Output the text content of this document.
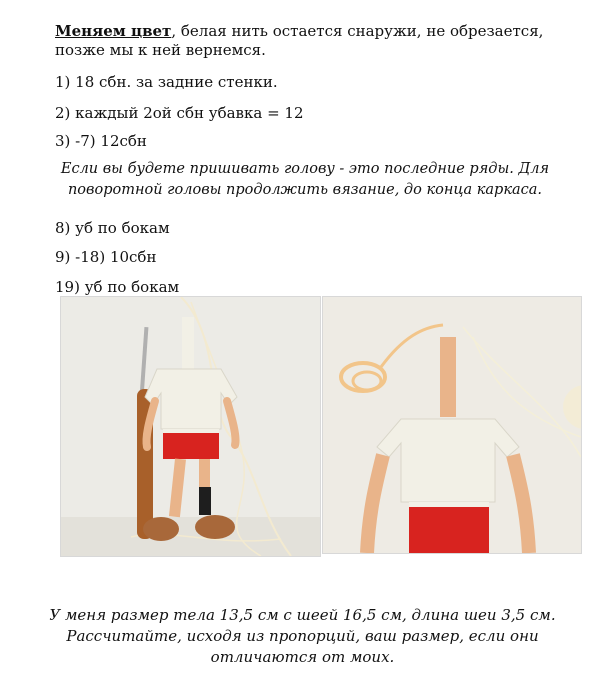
Меняем цвет, белая нить остается снаружи, не обрезается, позже мы к ней вернемся.
1) 18 сбн. за задние стенки.
2) каждый 2ой сбн убавка = 12
3) -7) 12сбн
Если вы будете пришивать голову - это последние ряды. Для поворотной головы продолжить вязание, до конца каркаса.
8) уб по бокам
9) -18) 10сбн
19) уб по бокам
У меня размер тела 13,5 см с шеей 16,5 см, длина шеи 3,5 см. Рассчитайте, исходя из пропорций, ваш размер, если они отличаются от моих.
